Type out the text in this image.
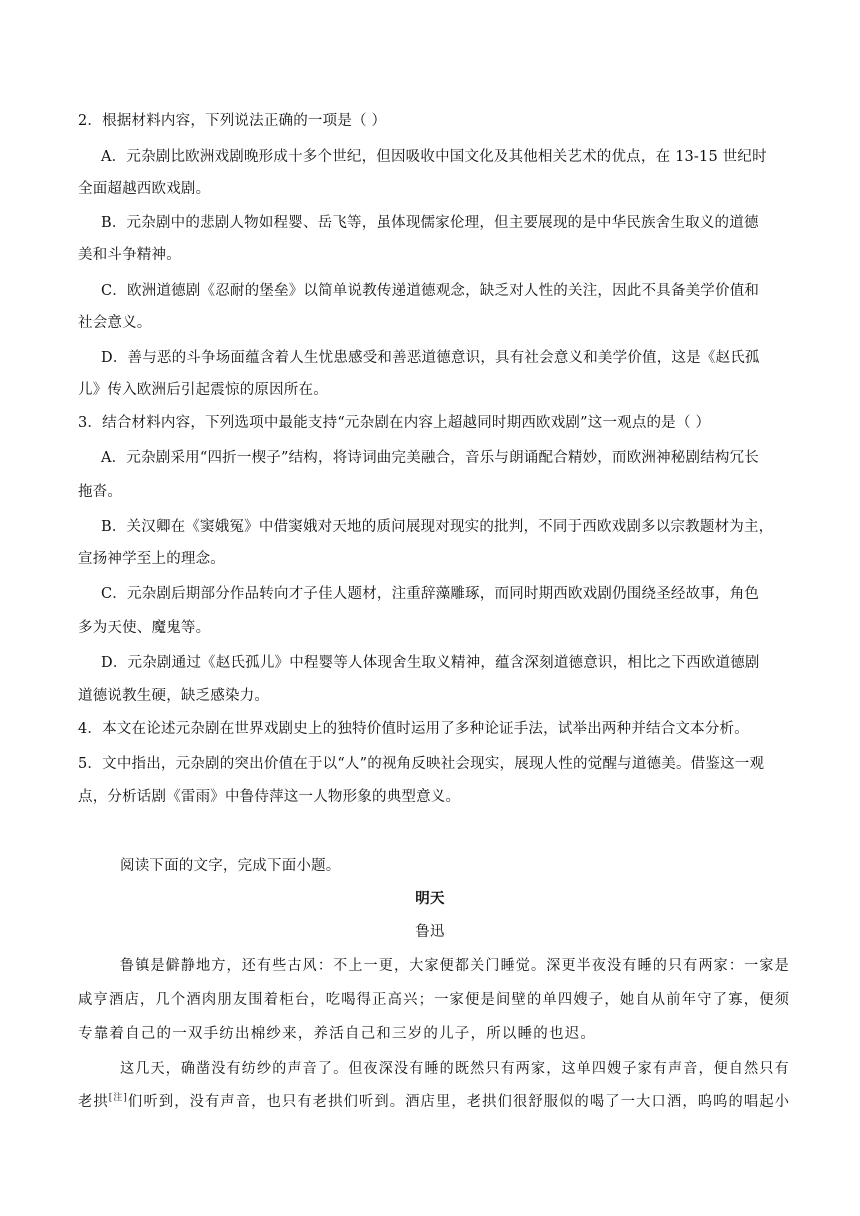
2．根据材料内容，下列说法正确的一项是（ ）
A．元杂剧比欧洲戏剧晚形成十多个世纪，但因吸收中国文化及其他相关艺术的优点，在 13-15 世纪时
全面超越西欧戏剧。
B．元杂剧中的悲剧人物如程婴、岳飞等，虽体现儒家伦理，但主要展现的是中华民族舍生取义的道德
美和斗争精神。
C．欧洲道德剧《忍耐的堡垒》以简单说教传递道德观念，缺乏对人性的关注，因此不具备美学价值和
社会意义。
D．善与恶的斗争场面蕴含着人生忧患感受和善恶道德意识，具有社会意义和美学价值，这是《赵氏孤
儿》传入欧洲后引起震惊的原因所在。
3．结合材料内容，下列选项中最能支持“元杂剧在内容上超越同时期西欧戏剧”这一观点的是（ ）
A．元杂剧采用“四折一楔子”结构，将诗词曲完美融合，音乐与朗诵配合精妙，而欧洲神秘剧结构冗长
拖沓。
B．关汉卿在《窦娥冤》中借窦娥对天地的质问展现对现实的批判，不同于西欧戏剧多以宗教题材为主，
宣扬神学至上的理念。
C．元杂剧后期部分作品转向才子佳人题材，注重辞藻雕琢，而同时期西欧戏剧仍围绕圣经故事，角色
多为天使、魔鬼等。
D．元杂剧通过《赵氏孤儿》中程婴等人体现舍生取义精神，蕴含深刻道德意识，相比之下西欧道德剧
道德说教生硬，缺乏感染力。
4．本文在论述元杂剧在世界戏剧史上的独特价值时运用了多种论证手法，试举出两种并结合文本分析。
5．文中指出，元杂剧的突出价值在于以“人”的视角反映社会现实，展现人性的觉醒与道德美。借鉴这一观
点，分析话剧《雷雨》中鲁侍萍这一人物形象的典型意义。
阅读下面的文字，完成下面小题。
明天
鲁迅
鲁镇是僻静地方，还有些古风：不上一更，大家便都关门睡觉。深更半夜没有睡的只有两家：一家是
咸亨酒店，几个酒肉朋友围着柜台，吃喝得正高兴；一家便是间壁的单四嫂子，她自从前年守了寡，便须
专靠着自己的一双手纺出棉纱来，养活自己和三岁的儿子，所以睡的也迟。
这几天，确凿没有纺纱的声音了。但夜深没有睡的既然只有两家，这单四嫂子家有声音，便自然只有
老拱[注]们听到，没有声音，也只有老拱们听到。酒店里，老拱们很舒服似的喝了一大口酒，呜呜的唱起小
